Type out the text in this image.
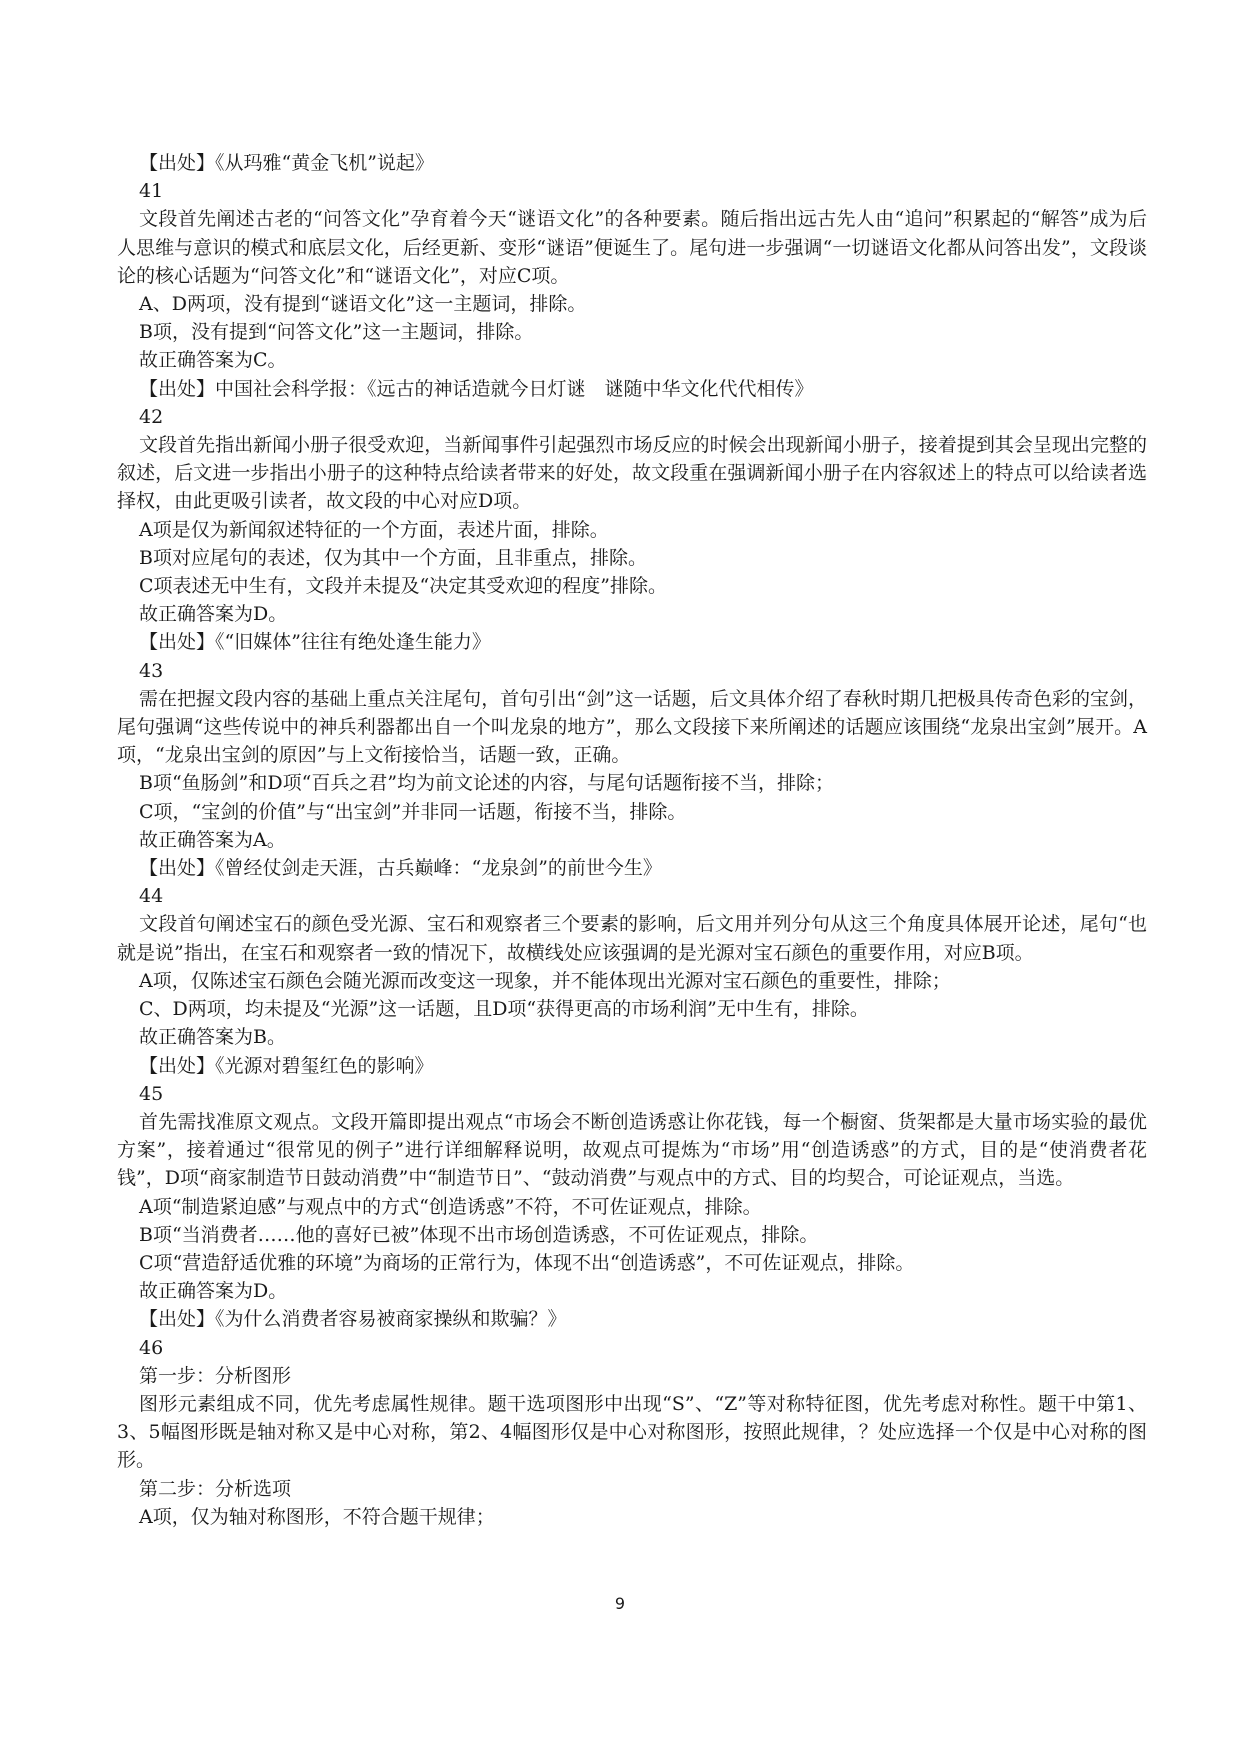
【出处】《从玛雅“黄金飞机”说起》

41

文段首先阐述古老的“问答文化”孕育着今天“谜语文化”的各种要素。随后指出远古先人由“追问”积累起的“解答”成为后人思维与意识的模式和底层文化，后经更新、变形“谜语”便诞生了。尾句进一步强调“一切谜语文化都从问答出发”，文段谈论的核心话题为“问答文化”和“谜语文化”，对应C项。

A、D两项，没有提到“谜语文化”这一主题词，排除。

B项，没有提到“问答文化”这一主题词，排除。

故正确答案为C。

【出处】中国社会科学报：《远古的神话造就今日灯谜　谜随中华文化代代相传》

42

文段首先指出新闻小册子很受欢迎，当新闻事件引起强烈市场反应的时候会出现新闻小册子，接着提到其会呈现出完整的叙述，后文进一步指出小册子的这种特点给读者带来的好处，故文段重在强调新闻小册子在内容叙述上的特点可以给读者选择权，由此更吸引读者，故文段的中心对应D项。

A项是仅为新闻叙述特征的一个方面，表述片面，排除。

B项对应尾句的表述，仅为其中一个方面，且非重点，排除。

C项表述无中生有，文段并未提及“决定其受欢迎的程度”排除。

故正确答案为D。

【出处】《“旧媒体”往往有绝处逢生能力》

43

需在把握文段内容的基础上重点关注尾句，首句引出“剑”这一话题，后文具体介绍了春秋时期几把极具传奇色彩的宝剑，尾句强调“这些传说中的神兵利器都出自一个叫龙泉的地方”，那么文段接下来所阐述的话题应该围绕“龙泉出宝剑”展开。A项，“龙泉出宝剑的原因”与上文衔接恰当，话题一致，正确。

B项“鱼肠剑”和D项“百兵之君”均为前文论述的内容，与尾句话题衔接不当，排除；

C项，“宝剑的价值”与“出宝剑”并非同一话题，衔接不当，排除。

故正确答案为A。

【出处】《曾经仗剑走天涯，古兵巅峰：“龙泉剑”的前世今生》

44

文段首句阐述宝石的颜色受光源、宝石和观察者三个要素的影响，后文用并列分句从这三个角度具体展开论述，尾句“也就是说”指出，在宝石和观察者一致的情况下，故横线处应该强调的是光源对宝石颜色的重要作用，对应B项。

A项，仅陈述宝石颜色会随光源而改变这一现象，并不能体现出光源对宝石颜色的重要性，排除；

C、D两项，均未提及“光源”这一话题，且D项“获得更高的市场利润”无中生有，排除。

故正确答案为B。

【出处】《光源对碧玺红色的影响》

45

首先需找准原文观点。文段开篇即提出观点“市场会不断创造诱惑让你花钱，每一个橱窗、货架都是大量市场实验的最优方案”，接着通过“很常见的例子”进行详细解释说明，故观点可提炼为“市场”用“创造诱惑”的方式，目的是“使消费者花钱”，D项“商家制造节日鼓动消费”中“制造节日”、“鼓动消费”与观点中的方式、目的均契合，可论证观点，当选。

A项“制造紧迫感”与观点中的方式“创造诱惑”不符，不可佐证观点，排除。

B项“当消费者……他的喜好已被”体现不出市场创造诱惑，不可佐证观点，排除。

C项“营造舒适优雅的环境”为商场的正常行为，体现不出“创造诱惑”，不可佐证观点，排除。

故正确答案为D。

【出处】《为什么消费者容易被商家操纵和欺骗？》

46

第一步：分析图形

图形元素组成不同，优先考虑属性规律。题干选项图形中出现“S”、“Z”等对称特征图，优先考虑对称性。题干中第1、3、5幅图形既是轴对称又是中心对称，第2、4幅图形仅是中心对称图形，按照此规律，？处应选择一个仅是中心对称的图形。

第二步：分析选项

A项，仅为轴对称图形，不符合题干规律；

9
